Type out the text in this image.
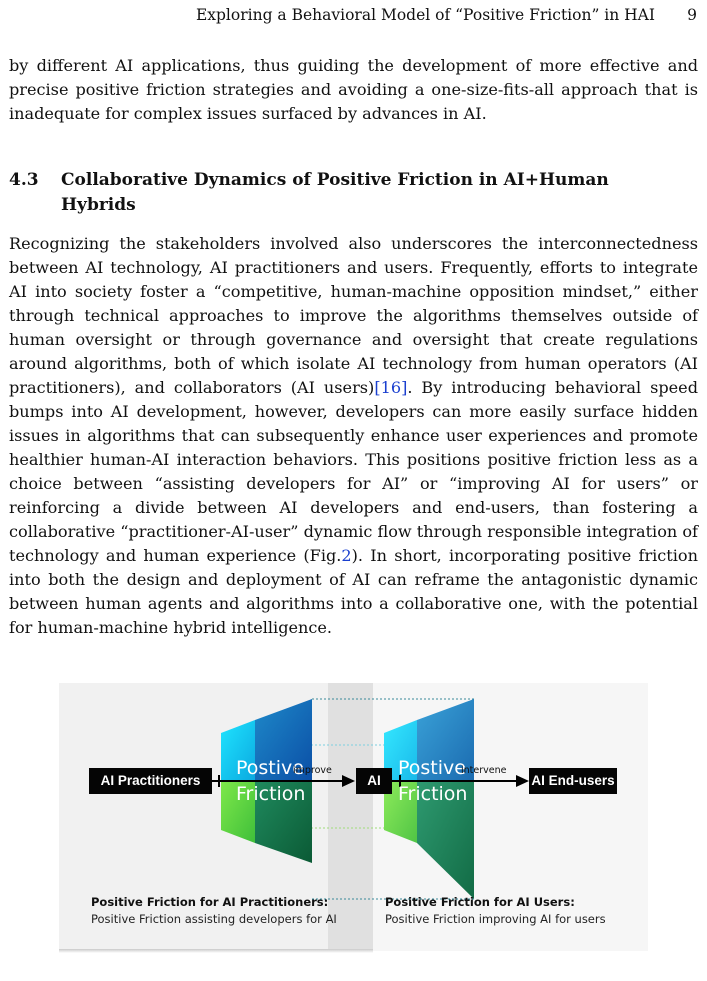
Exploring a Behavioral Model of “Positive Friction” in HAI 9

by different AI applications, thus guiding the development of more effective and precise positive friction strategies and avoiding a one-size-fits-all approach that is inadequate for complex issues surfaced by advances in AI.

4.3 Collaborative Dynamics of Positive Friction in AI+Human Hybrids

Recognizing the stakeholders involved also underscores the interconnectedness between AI technology, AI practitioners and users. Frequently, efforts to integrate AI into society foster a “competitive, human-machine opposition mindset,” either through technical approaches to improve the algorithms themselves outside of human oversight or through governance and oversight that create regulations around algorithms, both of which isolate AI technology from human operators (AI practitioners), and collaborators (AI users)[16]. By introducing behavioral speed bumps into AI development, however, developers can more easily surface hidden issues in algorithms that can subsequently enhance user experiences and promote healthier human-AI interaction behaviors. This positions positive friction less as a choice between “assisting developers for AI” or “improving AI for users” or reinforcing a divide between AI developers and end-users, than fostering a collaborative “practitioner-AI-user” dynamic flow through responsible integration of technology and human experience (Fig.2). In short, incorporating positive friction into both the design and deployment of AI can reframe the antagonistic dynamic between human agents and algorithms into a collaborative one, with the potential for human-machine hybrid intelligence.

AI Practitioners	AI	AI End-users
Postive
Friction
Postive
Friction
improve	intervene
Positive Friction for AI Practitioners:
Positive Friction assisting developers for AI
Positive Friction for AI Users:
Positive Friction improving AI for users
